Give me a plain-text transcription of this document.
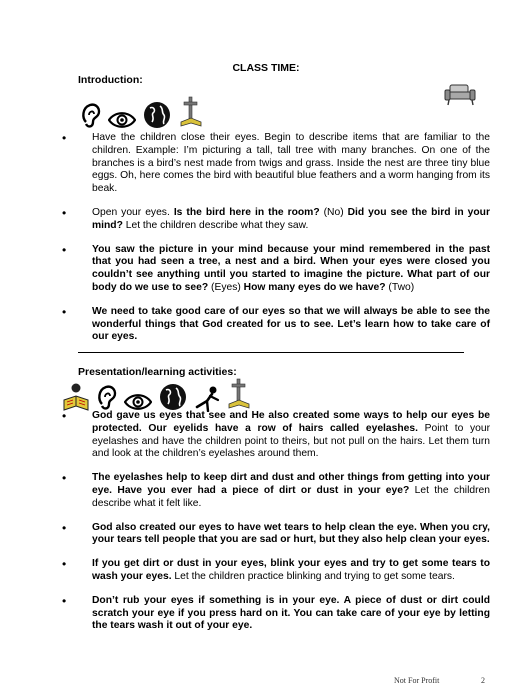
CLASS TIME:
Introduction:

•	Have the children close their eyes. Begin to describe items that are familiar to the children. Example: I’m picturing a tall, tall tree with many branches. On one of the branches is a bird’s nest made from twigs and grass. Inside the nest are three tiny blue eggs. Oh, here comes the bird with beautiful blue feathers and a worm hanging from its beak.

•	Open your eyes. Is the bird here in the room? (No) Did you see the bird in your mind? Let the children describe what they saw.

•	You saw the picture in your mind because your mind remembered in the past that you had seen a tree, a nest and a bird. When your eyes were closed you couldn’t see anything until you started to imagine the picture. What part of our body do we use to see? (Eyes) How many eyes do we have? (Two)

•	We need to take good care of our eyes so that we will always be able to see the wonderful things that God created for us to see. Let’s learn how to take care of our eyes.

Presentation/learning activities:

•	God gave us eyes that see and He also created some ways to help our eyes be protected. Our eyelids have a row of hairs called eyelashes. Point to your eyelashes and have the children point to theirs, but not pull on the hairs. Let them turn and look at the children’s eyelashes around them.

•	The eyelashes help to keep dirt and dust and other things from getting into your eye. Have you ever had a piece of dirt or dust in your eye? Let the children describe what it felt like.

•	God also created our eyes to have wet tears to help clean the eye. When you cry, your tears tell people that you are sad or hurt, but they also help clean your eyes.

•	If you get dirt or dust in your eyes, blink your eyes and try to get some tears to wash your eyes. Let the children practice blinking and trying to get some tears.

•	Don’t rub your eyes if something is in your eye. A piece of dust or dirt could scratch your eye if you press hard on it. You can take care of your eye by letting the tears wash it out of your eye.

Not For Profit	2
